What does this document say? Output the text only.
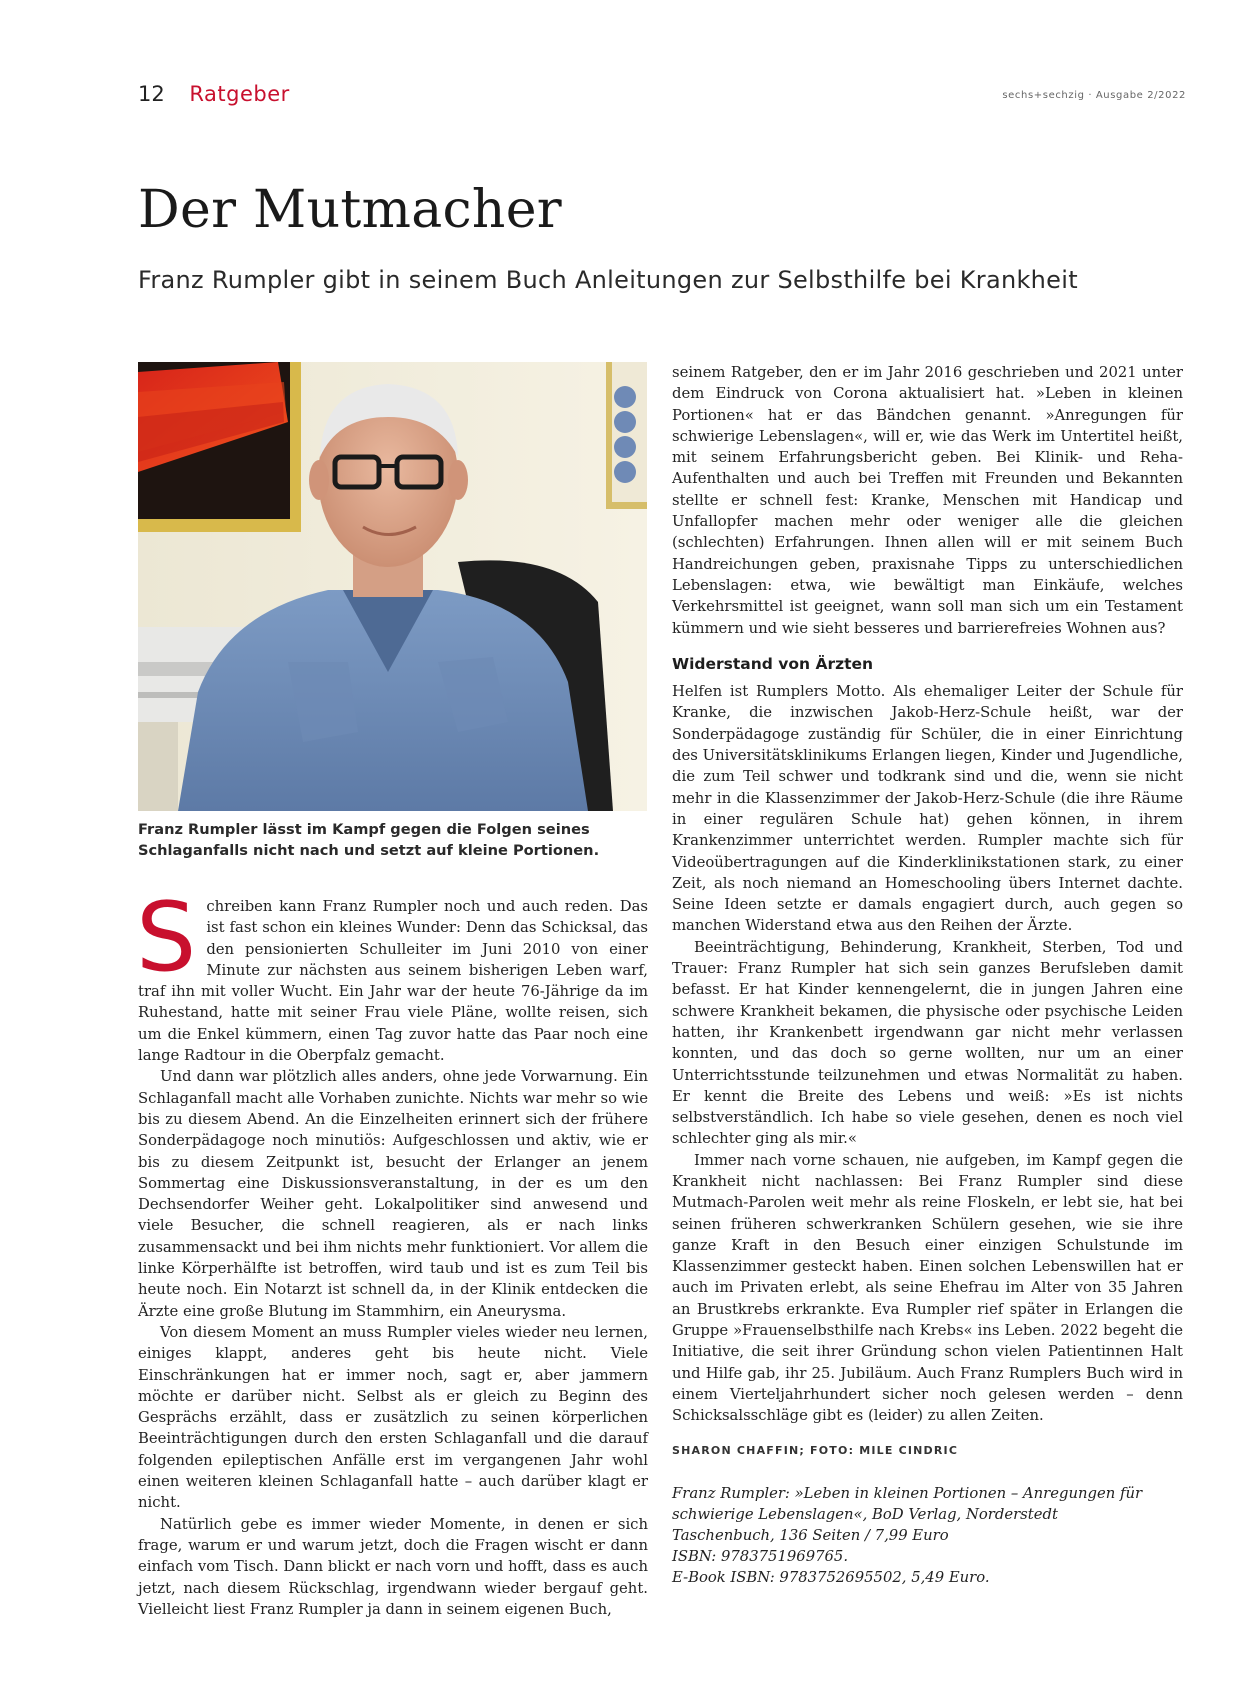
12 Ratgeber	sechs+sechzig · Ausgabe 2/2022
Der Mutmacher
Franz Rumpler gibt in seinem Buch Anleitungen zur Selbsthilfe bei Krankheit
Franz Rumpler lässt im Kampf gegen die Folgen seines Schlaganfalls nicht nach und setzt auf kleine Portionen.

Schreiben kann Franz Rumpler noch und auch reden. Das ist fast schon ein kleines Wunder: Denn das Schicksal, das den pensionierten Schulleiter im Juni 2010 von einer Minute zur nächsten aus seinem bisherigen Leben warf, traf ihn mit voller Wucht. Ein Jahr war der heute 76-Jährige da im Ruhestand, hatte mit seiner Frau viele Pläne, wollte reisen, sich um die Enkel kümmern, einen Tag zuvor hatte das Paar noch eine lange Radtour in die Oberpfalz gemacht.

Und dann war plötzlich alles anders, ohne jede Vorwarnung. Ein Schlaganfall macht alle Vorhaben zunichte. Nichts war mehr so wie bis zu diesem Abend. An die Einzelheiten erinnert sich der frühere Sonderpädagoge noch minutiös: Aufgeschlossen und aktiv, wie er bis zu diesem Zeitpunkt ist, besucht der Erlanger an jenem Sommertag eine Diskussionsveranstaltung, in der es um den Dechsendorfer Weiher geht. Lokalpolitiker sind anwesend und viele Besucher, die schnell reagieren, als er nach links zusammensackt und bei ihm nichts mehr funktioniert. Vor allem die linke Körperhälfte ist betroffen, wird taub und ist es zum Teil bis heute noch. Ein Notarzt ist schnell da, in der Klinik entdecken die Ärzte eine große Blutung im Stammhirn, ein Aneurysma.

Von diesem Moment an muss Rumpler vieles wieder neu lernen, einiges klappt, anderes geht bis heute nicht. Viele Einschränkungen hat er immer noch, sagt er, aber jammern möchte er darüber nicht. Selbst als er gleich zu Beginn des Gesprächs erzählt, dass er zusätzlich zu seinen körperlichen Beeinträchtigungen durch den ersten Schlaganfall und die darauf folgenden epileptischen Anfälle erst im vergangenen Jahr wohl einen weiteren kleinen Schlaganfall hatte – auch darüber klagt er nicht.

Natürlich gebe es immer wieder Momente, in denen er sich frage, warum er und warum jetzt, doch die Fragen wischt er dann einfach vom Tisch. Dann blickt er nach vorn und hofft, dass es auch jetzt, nach diesem Rückschlag, irgendwann wieder bergauf geht. Vielleicht liest Franz Rumpler ja dann in seinem eigenen Buch,

seinem Ratgeber, den er im Jahr 2016 geschrieben und 2021 unter dem Eindruck von Corona aktualisiert hat. »Leben in kleinen Portionen« hat er das Bändchen genannt. »Anregungen für schwierige Lebenslagen«, will er, wie das Werk im Untertitel heißt, mit seinem Erfahrungsbericht geben. Bei Klinik- und Reha-Aufenthalten und auch bei Treffen mit Freunden und Bekannten stellte er schnell fest: Kranke, Menschen mit Handicap und Unfallopfer machen mehr oder weniger alle die gleichen (schlechten) Erfahrungen. Ihnen allen will er mit seinem Buch Handreichungen geben, praxisnahe Tipps zu unterschiedlichen Lebenslagen: etwa, wie bewältigt man Einkäufe, welches Verkehrsmittel ist geeignet, wann soll man sich um ein Testament kümmern und wie sieht besseres und barrierefreies Wohnen aus?

Widerstand von Ärzten

Helfen ist Rumplers Motto. Als ehemaliger Leiter der Schule für Kranke, die inzwischen Jakob-Herz-Schule heißt, war der Sonderpädagoge zuständig für Schüler, die in einer Einrichtung des Universitätsklinikums Erlangen liegen, Kinder und Jugendliche, die zum Teil schwer und todkrank sind und die, wenn sie nicht mehr in die Klassenzimmer der Jakob-Herz-Schule (die ihre Räume in einer regulären Schule hat) gehen können, in ihrem Krankenzimmer unterrichtet werden. Rumpler machte sich für Videoübertragungen auf die Kinderklinikstationen stark, zu einer Zeit, als noch niemand an Homeschooling übers Internet dachte. Seine Ideen setzte er damals engagiert durch, auch gegen so manchen Widerstand etwa aus den Reihen der Ärzte.

Beeinträchtigung, Behinderung, Krankheit, Sterben, Tod und Trauer: Franz Rumpler hat sich sein ganzes Berufsleben damit befasst. Er hat Kinder kennengelernt, die in jungen Jahren eine schwere Krankheit bekamen, die physische oder psychische Leiden hatten, ihr Krankenbett irgendwann gar nicht mehr verlassen konnten, und das doch so gerne wollten, nur um an einer Unterrichtsstunde teilzunehmen und etwas Normalität zu haben. Er kennt die Breite des Lebens und weiß: »Es ist nichts selbstverständlich. Ich habe so viele gesehen, denen es noch viel schlechter ging als mir.«

Immer nach vorne schauen, nie aufgeben, im Kampf gegen die Krankheit nicht nachlassen: Bei Franz Rumpler sind diese Mutmach-Parolen weit mehr als reine Floskeln, er lebt sie, hat bei seinen früheren schwerkranken Schülern gesehen, wie sie ihre ganze Kraft in den Besuch einer einzigen Schulstunde im Klassenzimmer gesteckt haben. Einen solchen Lebenswillen hat er auch im Privaten erlebt, als seine Ehefrau im Alter von 35 Jahren an Brustkrebs erkrankte. Eva Rumpler rief später in Erlangen die Gruppe »Frauenselbsthilfe nach Krebs« ins Leben. 2022 begeht die Initiative, die seit ihrer Gründung schon vielen Patientinnen Halt und Hilfe gab, ihr 25. Jubiläum. Auch Franz Rumplers Buch wird in einem Vierteljahrhundert sicher noch gelesen werden – denn Schicksalsschläge gibt es (leider) zu allen Zeiten.

SHARON CHAFFIN; FOTO: MILE CINDRIC
Franz Rumpler: »Leben in kleinen Portionen – Anregungen für
schwierige Lebenslagen«, BoD Verlag, Norderstedt
Taschenbuch, 136 Seiten / 7,99 Euro
ISBN: 9783751969765.
E-Book ISBN: 9783752695502, 5,49 Euro.
